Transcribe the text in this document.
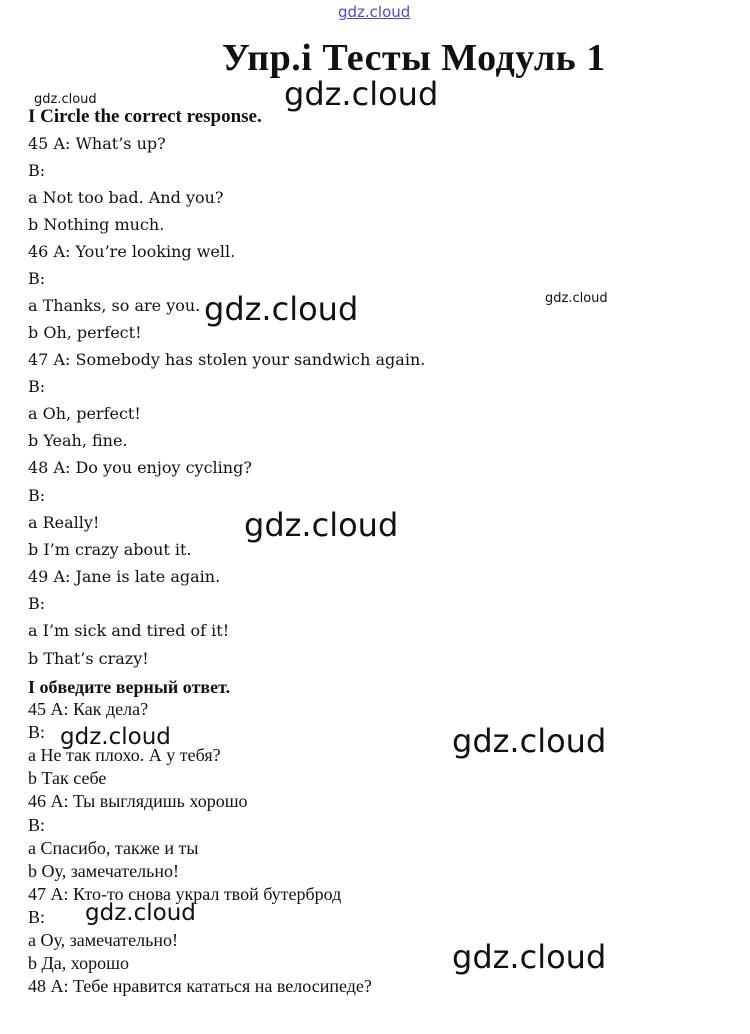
gdz.cloud
Упр.i Тесты Модуль 1
I Circle the correct response.
45 A: What’s up?
B:
a Not too bad. And you?
b Nothing much.
46 A: You’re looking well.
B:
a Thanks, so are you.
b Oh, perfect!
47 A: Somebody has stolen your sandwich again.
B:
a Oh, perfect!
b Yeah, fine.
48 A: Do you enjoy cycling?
B:
a Really!
b I’m crazy about it.
49 A: Jane is late again.
B:
a I’m sick and tired of it!
b That’s crazy!
I обведите верный ответ.
45 А: Как дела?
В:
a Не так плохо. А у тебя?
b Так себе
46 А: Ты выглядишь хорошо
В:
a Спасибо, также и ты
b Оу, замечательно!
47 А: Кто-то снова украл твой бутерброд
В:
a Оу, замечательно!
b Да, хорошо
48 А: Тебе нравится кататься на велосипеде?
gdz.cloud	gdz.cloud
gdz.cloud	gdz.cloud
gdz.cloud
gdz.cloud	gdz.cloud
gdz.cloud
gdz.cloud
